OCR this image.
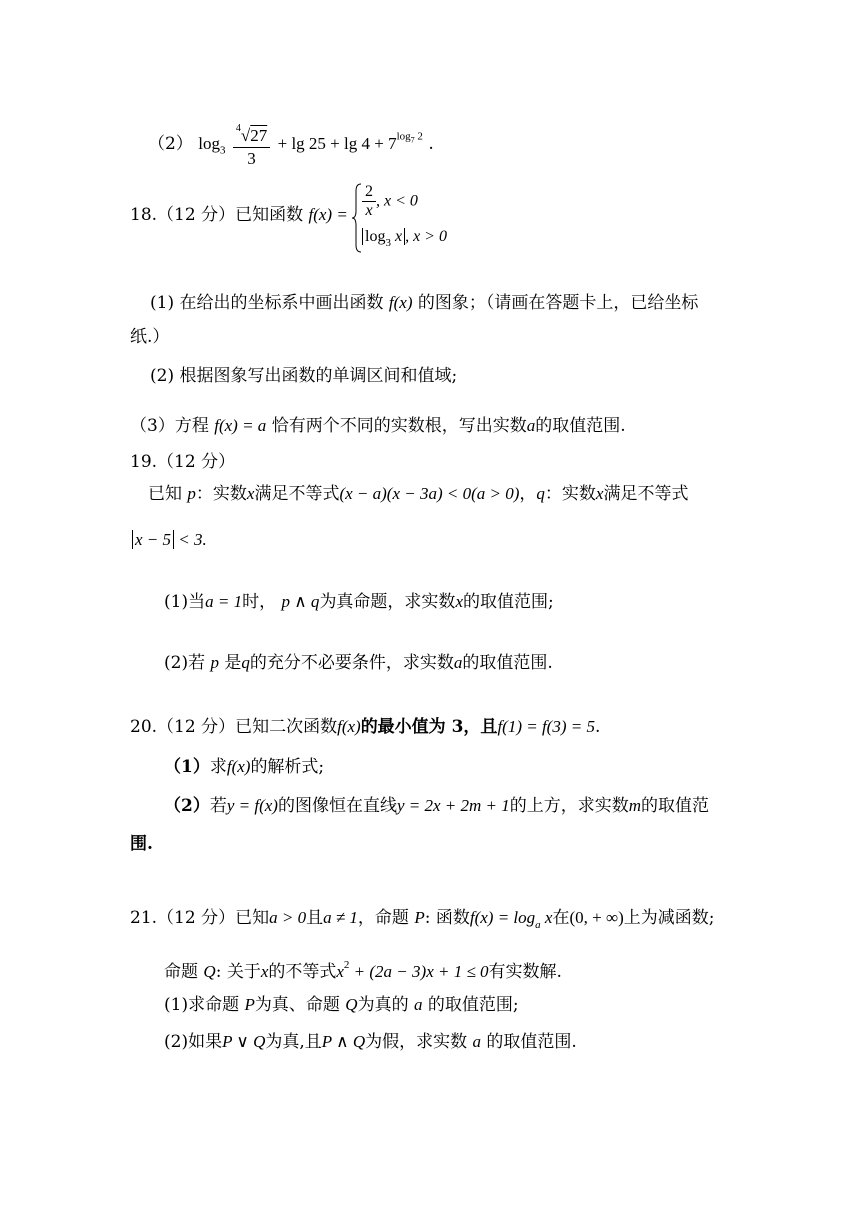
（2） $\log_3 \frac{^4√27}{3} + \lg 25 + \lg 4 + 7^{log7}$ $^2$ .
18.（12 分）已知函数 $f(x) = \frac{2}{x}$ , x < 0
$\log_3 x$ , x > 0
(1) 在给出的坐标系中画出函数 f(x) 的图象；（请画在答题卡上，已给坐标
纸.）
(2) 根据图象写出函数的单调区间和值域;
（3）方程 f(x) = a 恰有两个不同的实数根，写出实数a的取值范围.
19.（12 分）
已知 p：实数x满足不等式(x − a)(x − 3a) < 0(a > 0)，q：实数x满足不等式
x − 5 < 3.
(1)当a = 1时， p ∧ q为真命题，求实数x的取值范围;
(2)若 p 是q的充分不必要条件，求实数a的取值范围.
20.（12 分）已知二次函数f(x)的最小值为 3，且f(1) = f(3) = 5.
（1）求f(x)的解析式;
（2）若y = f(x)的图像恒在直线y = 2x + 2m + 1的上方，求实数m的取值范
围.
21.（12 分）已知a > 0且a ≠ 1，命题 P: 函数$f(x) = \log_a x$在(0, + ∞)上为减函数;
命题 Q: 关于x的不等式$x^2 + (2a - 3)x + 1 \le 0$有实数解.
(1)求命题 P为真、命题 Q为真的 a 的取值范围;
(2)如果P ∨ Q为真,且P ∧ Q为假，求实数 a 的取值范围.
